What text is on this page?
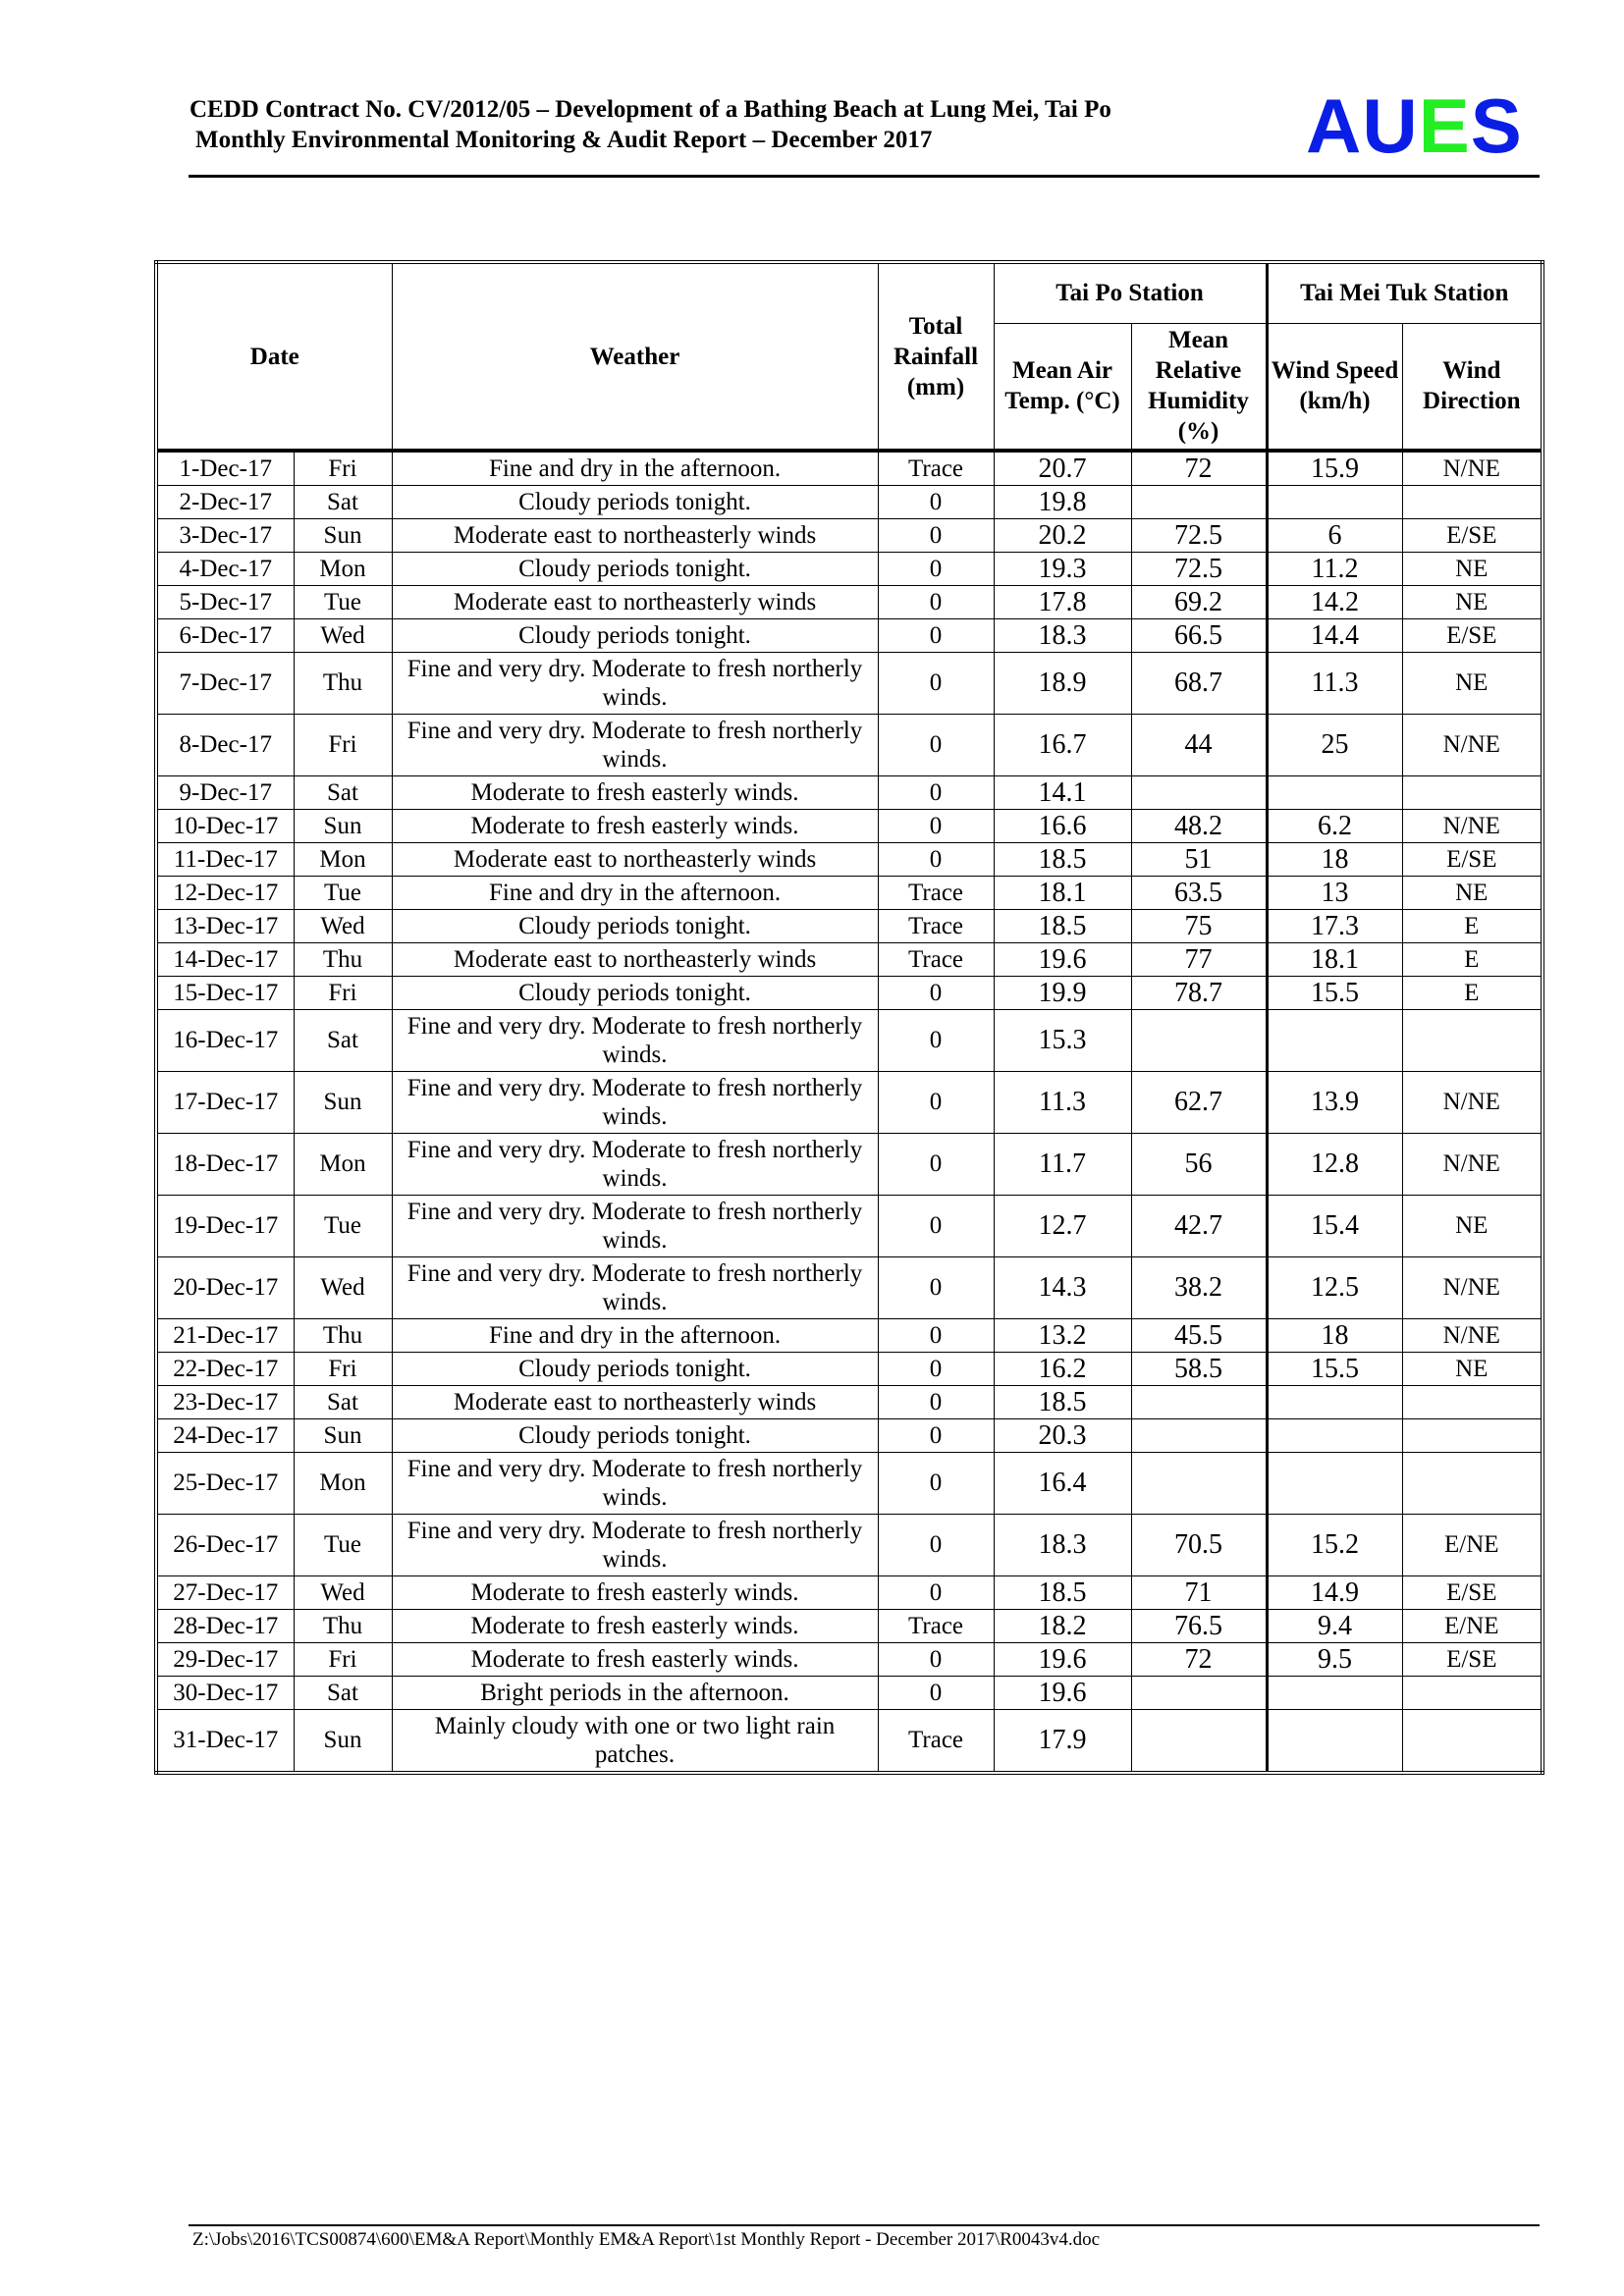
CEDD Contract No. CV/2012/05 – Development of a Bathing Beach at Lung Mei, Tai Po
Monthly Environmental Monitoring & Audit Report – December 2017	AUES
Date		Weather	Total Rainfall (mm)	Tai Po Station		Tai Mei Tuk Station	
				Mean Air Temp. (°C)	Mean Relative Humidity (%)	Wind Speed (km/h)	Wind Direction
1-Dec-17	Fri	Fine and dry in the afternoon.	Trace	20.7	72	15.9	N/NE
2-Dec-17	Sat	Cloudy periods tonight.	0	19.8			
3-Dec-17	Sun	Moderate east to northeasterly winds	0	20.2	72.5	6	E/SE
4-Dec-17	Mon	Cloudy periods tonight.	0	19.3	72.5	11.2	NE
5-Dec-17	Tue	Moderate east to northeasterly winds	0	17.8	69.2	14.2	NE
6-Dec-17	Wed	Cloudy periods tonight.	0	18.3	66.5	14.4	E/SE
7-Dec-17	Thu	Fine and very dry. Moderate to fresh northerly winds.	0	18.9	68.7	11.3	NE
8-Dec-17	Fri	Fine and very dry. Moderate to fresh northerly winds.	0	16.7	44	25	N/NE
9-Dec-17	Sat	Moderate to fresh easterly winds.	0	14.1			
10-Dec-17	Sun	Moderate to fresh easterly winds.	0	16.6	48.2	6.2	N/NE
11-Dec-17	Mon	Moderate east to northeasterly winds	0	18.5	51	18	E/SE
12-Dec-17	Tue	Fine and dry in the afternoon.	Trace	18.1	63.5	13	NE
13-Dec-17	Wed	Cloudy periods tonight.	Trace	18.5	75	17.3	E
14-Dec-17	Thu	Moderate east to northeasterly winds	Trace	19.6	77	18.1	E
15-Dec-17	Fri	Cloudy periods tonight.	0	19.9	78.7	15.5	E
16-Dec-17	Sat	Fine and very dry. Moderate to fresh northerly winds.	0	15.3			
17-Dec-17	Sun	Fine and very dry. Moderate to fresh northerly winds.	0	11.3	62.7	13.9	N/NE
18-Dec-17	Mon	Fine and very dry. Moderate to fresh northerly winds.	0	11.7	56	12.8	N/NE
19-Dec-17	Tue	Fine and very dry. Moderate to fresh northerly winds.	0	12.7	42.7	15.4	NE
20-Dec-17	Wed	Fine and very dry. Moderate to fresh northerly winds.	0	14.3	38.2	12.5	N/NE
21-Dec-17	Thu	Fine and dry in the afternoon.	0	13.2	45.5	18	N/NE
22-Dec-17	Fri	Cloudy periods tonight.	0	16.2	58.5	15.5	NE
23-Dec-17	Sat	Moderate east to northeasterly winds	0	18.5			
24-Dec-17	Sun	Cloudy periods tonight.	0	20.3			
25-Dec-17	Mon	Fine and very dry. Moderate to fresh northerly winds.	0	16.4			
26-Dec-17	Tue	Fine and very dry. Moderate to fresh northerly winds.	0	18.3	70.5	15.2	E/NE
27-Dec-17	Wed	Moderate to fresh easterly winds.	0	18.5	71	14.9	E/SE
28-Dec-17	Thu	Moderate to fresh easterly winds.	Trace	18.2	76.5	9.4	E/NE
29-Dec-17	Fri	Moderate to fresh easterly winds.	0	19.6	72	9.5	E/SE
30-Dec-17	Sat	Bright periods in the afternoon.	0	19.6			
31-Dec-17	Sun	Mainly cloudy with one or two light rain patches.	Trace	17.9			
Z:\Jobs\2016\TCS00874\600\EM&A Report\Monthly EM&A Report\1st Monthly Report - December 2017\R0043v4.doc
